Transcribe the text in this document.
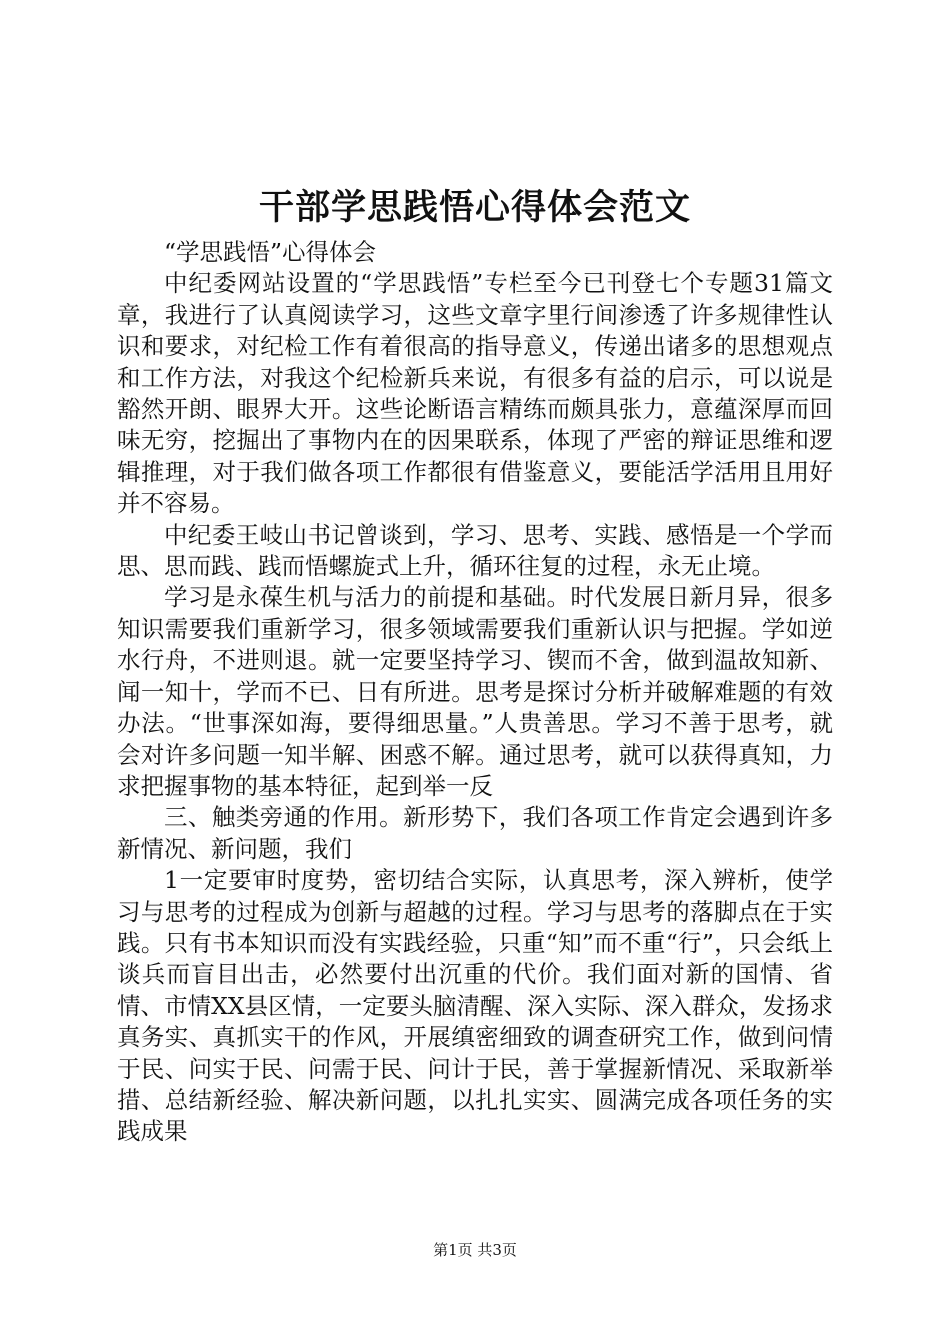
干部学思践悟心得体会范文

“学思践悟”心得体会

中纪委网站设置的“学思践悟”专栏至今已刊登七个专题31篇文章，我进行了认真阅读学习，这些文章字里行间渗透了许多规律性认识和要求，对纪检工作有着很高的指导意义，传递出诸多的思想观点和工作方法，对我这个纪检新兵来说，有很多有益的启示，可以说是豁然开朗、眼界大开。这些论断语言精练而颇具张力，意蕴深厚而回味无穷，挖掘出了事物内在的因果联系，体现了严密的辩证思维和逻辑推理，对于我们做各项工作都很有借鉴意义，要能活学活用且用好并不容易。

中纪委王岐山书记曾谈到，学习、思考、实践、感悟是一个学而思、思而践、践而悟螺旋式上升，循环往复的过程，永无止境。

学习是永葆生机与活力的前提和基础。时代发展日新月异，很多知识需要我们重新学习，很多领域需要我们重新认识与把握。学如逆水行舟，不进则退。就一定要坚持学习、锲而不舍，做到温故知新、闻一知十，学而不已、日有所进。思考是探讨分析并破解难题的有效办法。“世事深如海，要得细思量。”人贵善思。学习不善于思考，就会对许多问题一知半解、困惑不解。通过思考，就可以获得真知，力求把握事物的基本特征，起到举一反

三、触类旁通的作用。新形势下，我们各项工作肯定会遇到许多新情况、新问题，我们

1一定要审时度势，密切结合实际，认真思考，深入辨析，使学习与思考的过程成为创新与超越的过程。学习与思考的落脚点在于实践。只有书本知识而没有实践经验，只重“知”而不重“行”，只会纸上谈兵而盲目出击，必然要付出沉重的代价。我们面对新的国情、省情、市情XX县区情，一定要头脑清醒、深入实际、深入群众，发扬求真务实、真抓实干的作风，开展缜密细致的调查研究工作，做到问情于民、问实于民、问需于民、问计于民，善于掌握新情况、采取新举措、总结新经验、解决新问题，以扎扎实实、圆满完成各项任务的实践成果

第1页 共3页
